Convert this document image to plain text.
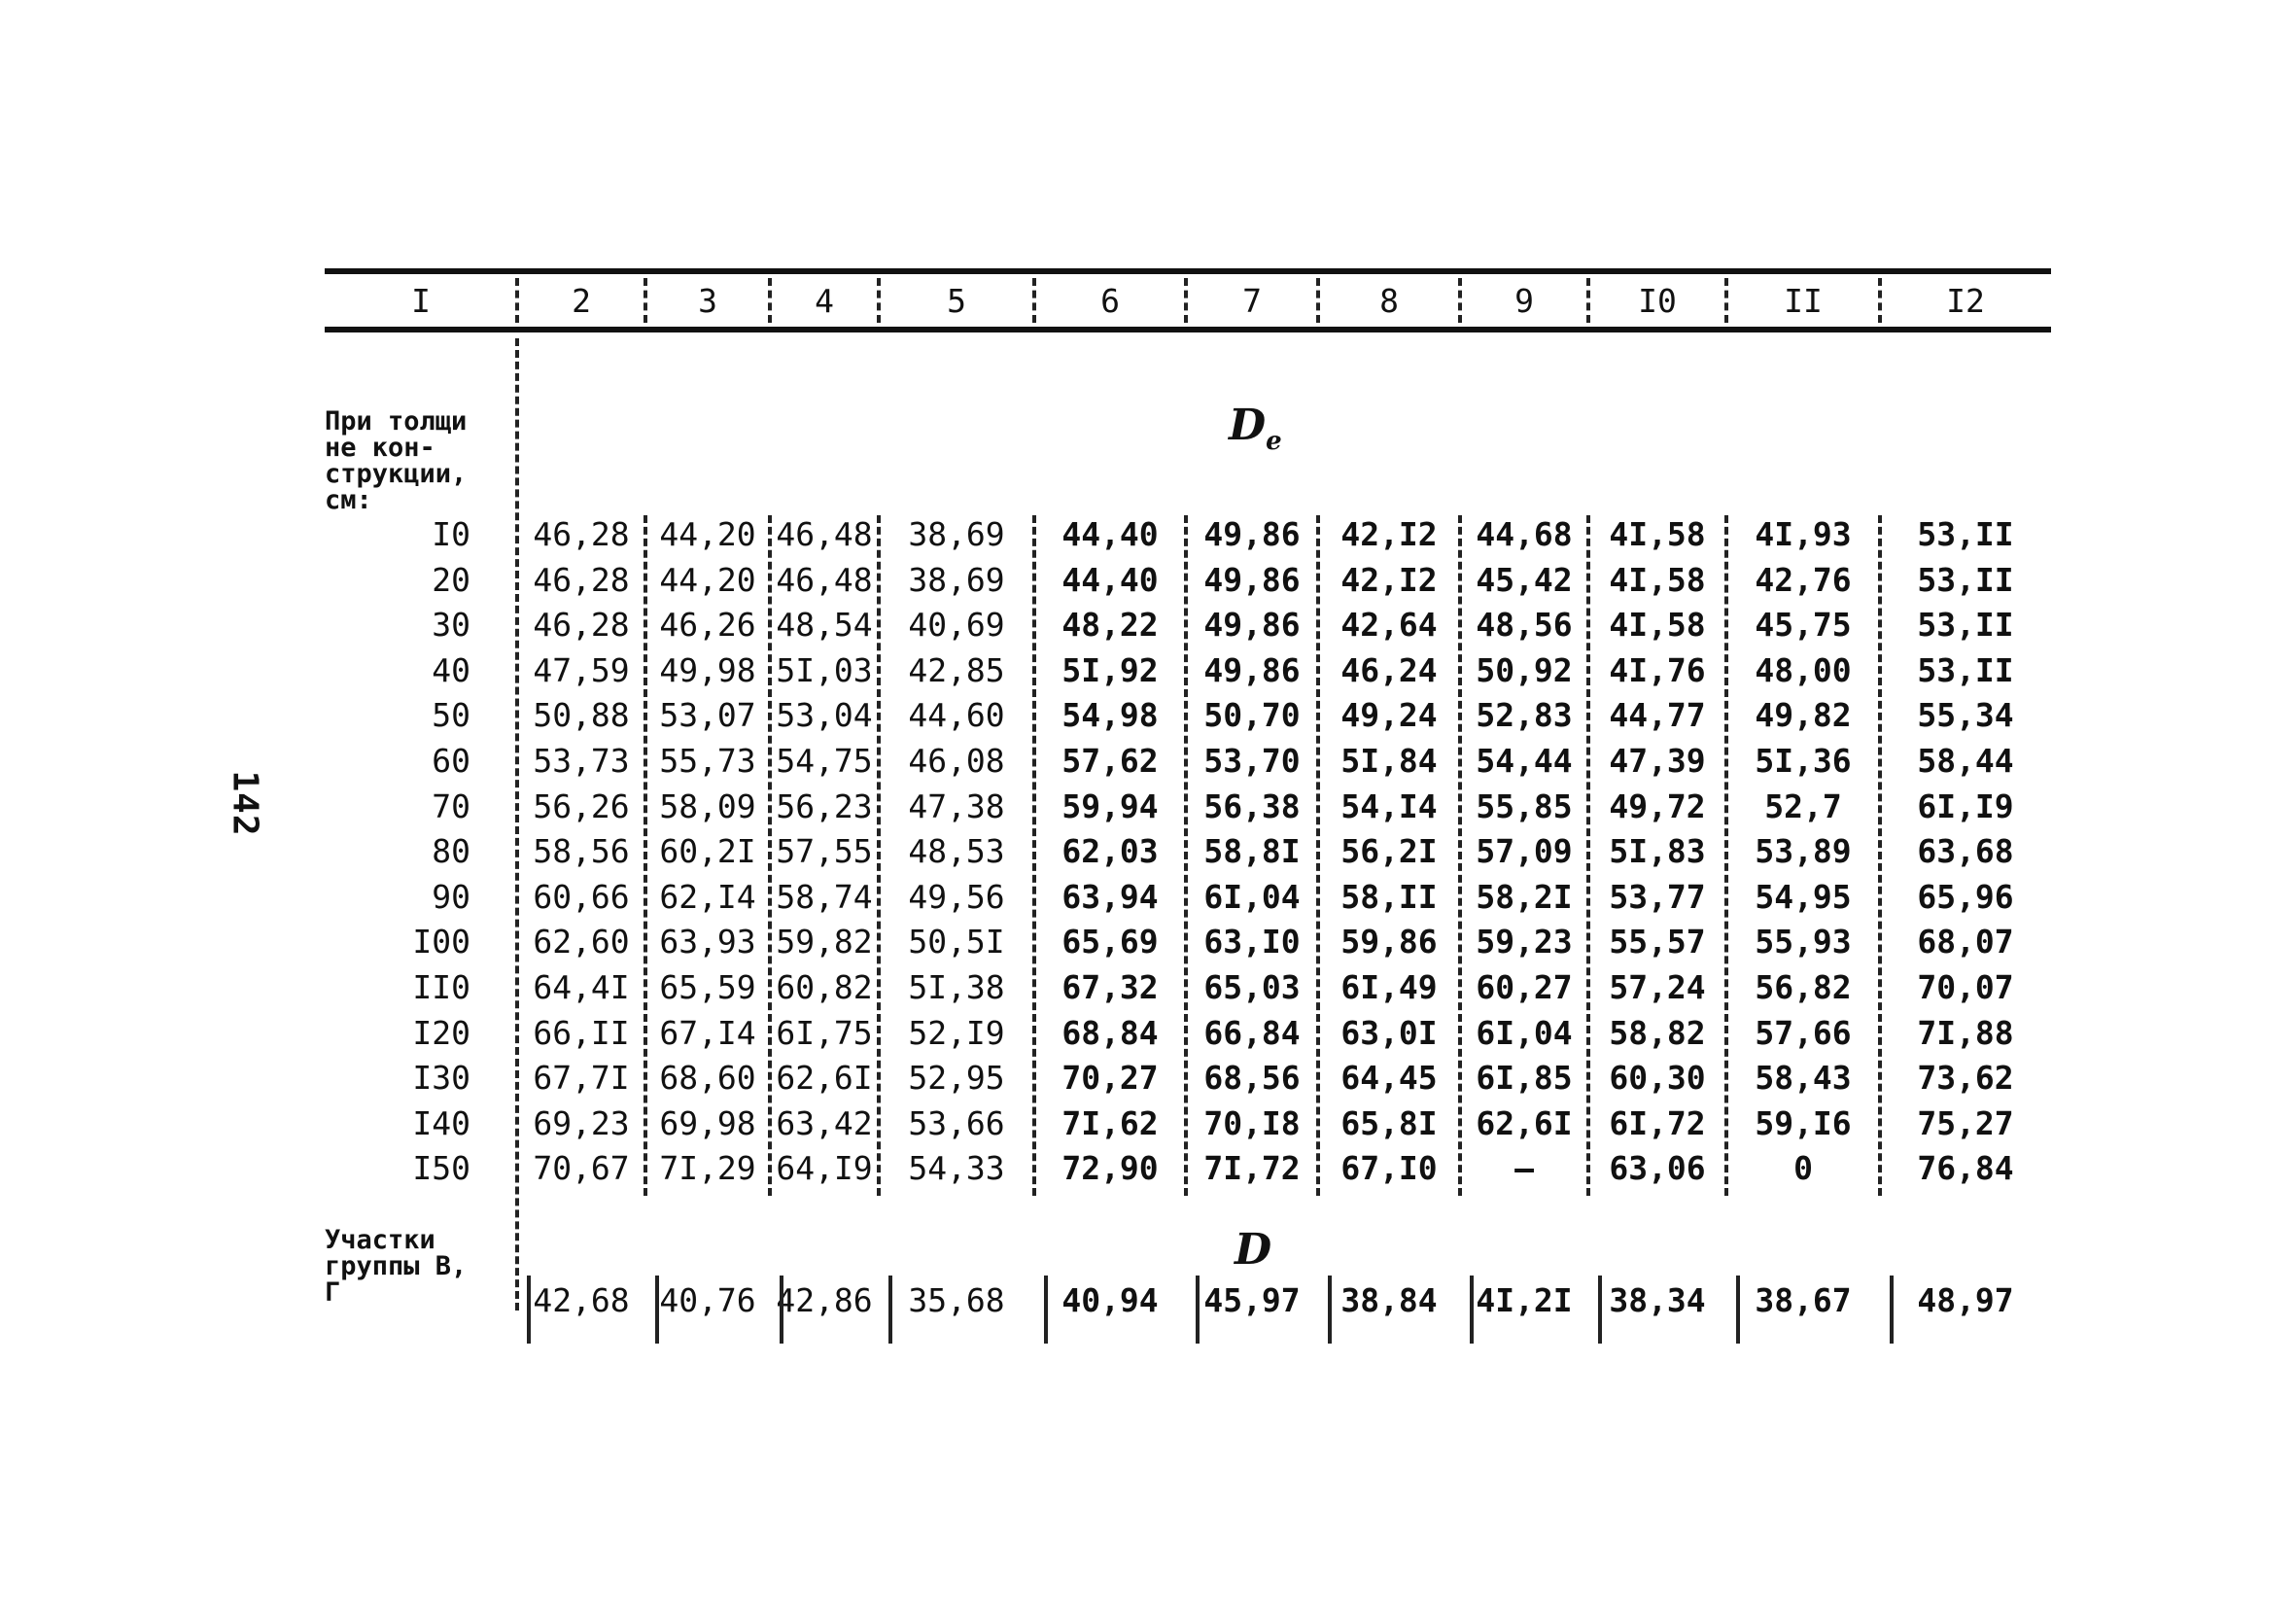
142
I	2	3	4	5	6	7	8	9	I0	II	I2
При толщи
не кон-
струкции,
см:
$D_e$
I0	46,28 44,20 46,48	38,69	44,40	49,86	42,I2	44,68	4I,58	4I,93	53,II
20	46,28 44,20 46,48	38,69	44,40	49,86	42,I2	45,42	4I,58	42,76	53,II
30	46,28 46,26 48,54	40,69	48,22	49,86	42,64	48,56	4I,58	45,75	53,II
40	47,59 49,98 5I,03	42,85	5I,92	49,86	46,24	50,92	4I,76	48,00	53,II
50	50,88 53,07 53,04	44,60	54,98	50,70	49,24	52,83	44,77	49,82	55,34
60	53,73 55,73 54,75	46,08	57,62	53,70	5I,84	54,44	47,39	5I,36	58,44
70	56,26 58,09 56,23	47,38	59,94	56,38	54,I4	55,85	49,72	52,7	6I,I9
80	58,56 60,2I 57,55	48,53	62,03	58,8I	56,2I	57,09	5I,83	53,89	63,68
90	60,66 62,I4 58,74	49,56	63,94	6I,04	58,II	58,2I	53,77	54,95	65,96
I00	62,60 63,93 59,82	50,5I	65,69	63,I0	59,86	59,23	55,57	55,93	68,07
II0	64,4I 65,59 60,82	5I,38	67,32	65,03	6I,49	60,27	57,24	56,82	70,07
I20	66,II 67,I4 6I,75	52,I9	68,84	66,84	63,0I	6I,04	58,82	57,66	7I,88
I30	67,7I 68,60 62,6I	52,95	70,27	68,56	64,45	6I,85	60,30	58,43	73,62
I40	69,23 69,98 63,42	53,66	7I,62	70,I8	65,8I	62,6I	6I,72	59,I6	75,27
I50	70,67 7I,29 64,I9	54,33	72,90	7I,72	67,I0	–	63,06	0	76,84
Участки
группы В,
Г
D
42,68 40,76 42,86	35,68	40,94	45,97	38,84	4I,2I	38,34	38,67	48,97
